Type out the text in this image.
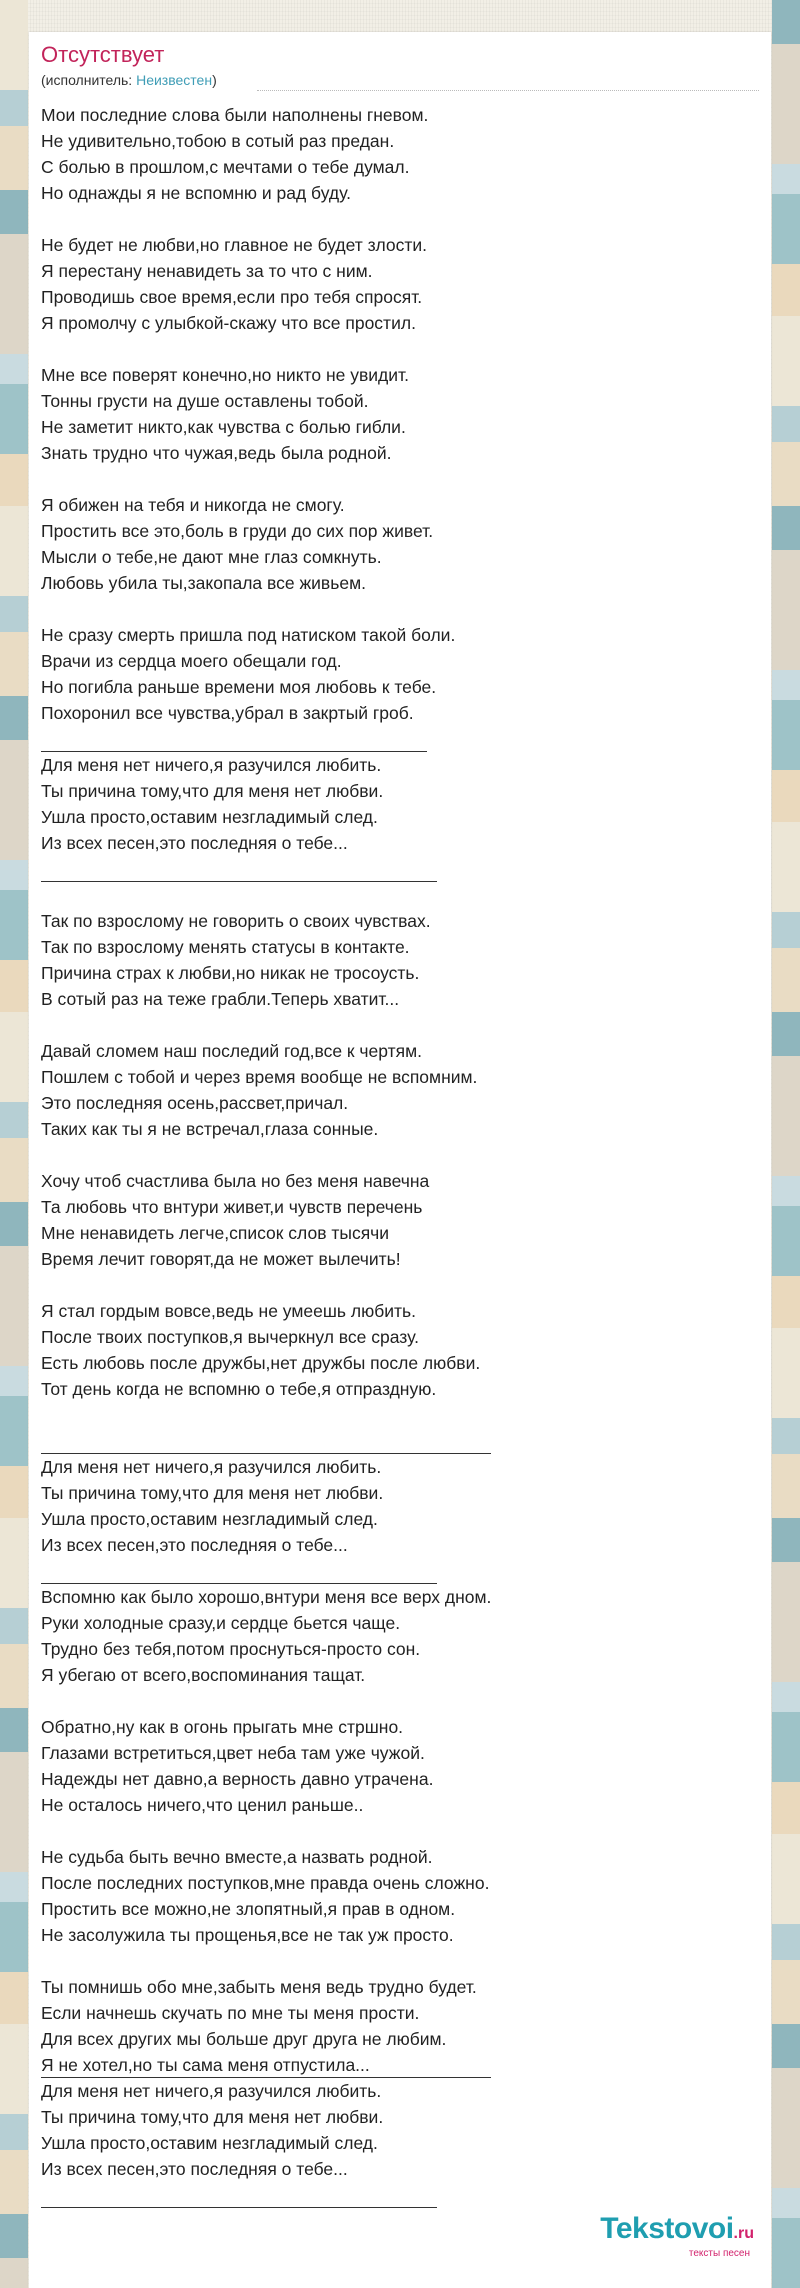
Отсутствует
(исполнитель: Неизвестен)
Мои последние слова были наполнены гневом.
Не удивительно,тобою в сотый раз предан.
С болью в прошлом,с мечтами о тебе думал.
Но однажды я не вспомню и рад буду.
Не будет не любви,но главное не будет злости.
Я перестану ненавидеть за то что с ним.
Проводишь свое время,если про тебя спросят.
Я промолчу с улыбкой-скажу что все простил.
Мне все поверят конечно,но никто не увидит.
Тонны грусти на душе оставлены тобой.
Не заметит никто,как чувства с болью гибли.
Знать трудно что чужая,ведь была родной.
Я обижен на тебя и никогда не смогу.
Простить все это,боль в груди до сих пор живет.
Мысли о тебе,не дают мне глаз сомкнуть.
Любовь убила ты,закопала все живьем.
Не сразу смерть пришла под натиском такой боли.
Врачи из сердца моего обещали год.
Но погибла раньше времени моя любовь к тебе.
Похоронил все чувства,убрал в закртый гроб.
Для меня нет ничего,я разучился любить.
Ты причина тому,что для меня нет любви.
Ушла просто,оставим незгладимый след.
Из всех песен,это последняя о тебе...
Так по взрослому не говорить о своих чувствах.
Так по взрослому менять статусы в контакте.
Причина страх к любви,но никак не тросоусть.
В сотый раз на теже грабли.Теперь хватит...
Давай сломем наш последий год,все к чертям.
Пошлем с тобой и через время вообще не вспомним.
Это последняя осень,рассвет,причал.
Таких как ты я не встречал,глаза сонные.
Хочу чтоб счастлива была но без меня навечна
Та любовь что внтури живет,и чувств перечень
Мне ненавидеть легче,список слов тысячи
Время лечит говорят,да не может вылечить!
Я стал гордым вовсе,ведь не умеешь любить.
После твоих поступков,я вычеркнул все сразу.
Есть любовь после дружбы,нет дружбы после любви.
Тот день когда не вспомню о тебе,я отпраздную.
Для меня нет ничего,я разучился любить.
Ты причина тому,что для меня нет любви.
Ушла просто,оставим незгладимый след.
Из всех песен,это последняя о тебе...
Вспомню как было хорошо,внтури меня все верх дном.
Руки холодные сразу,и сердце бьется чаще.
Трудно без тебя,потом проснуться-просто сон.
Я убегаю от всего,воспоминания тащат.
Обратно,ну как в огонь прыгать мне стршно.
Глазами встретиться,цвет неба там уже чужой.
Надежды нет давно,а верность давно утрачена.
Не осталось ничего,что ценил раньше..
Не судьба быть вечно вместе,а назвать родной.
После последних поступков,мне правда очень сложно.
Простить все можно,не злопятный,я прав в одном.
Не засолужила ты прощенья,все не так уж просто.
Ты помнишь обо мне,забыть меня ведь трудно будет.
Если начнешь скучать по мне ты меня прости.
Для всех других мы больше друг друга не любим.
Я не хотел,но ты сама меня отпустила...
Для меня нет ничего,я разучился любить.
Ты причина тому,что для меня нет любви.
Ушла просто,оставим незгладимый след.
Из всех песен,это последняя о тебе...
Tekstovoi.ru
тексты песен
